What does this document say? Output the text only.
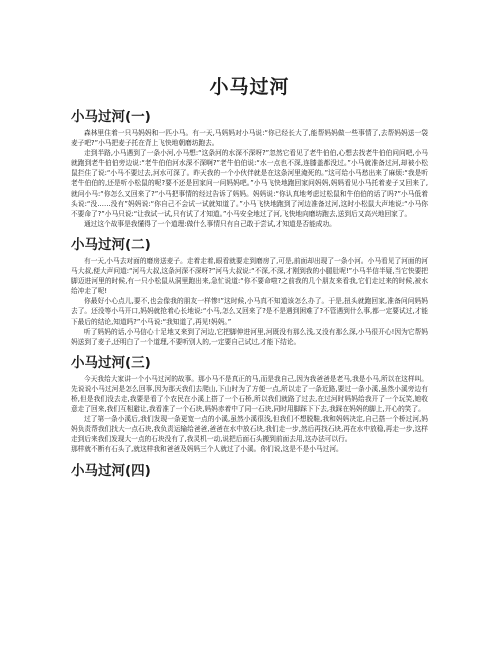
小马过河
小马过河(一)

森林里住着一只马妈妈和一匹小马。有一天,马妈妈对小马说:“你已经长大了,能帮妈妈做一些事情了,去帮妈妈送一袋麦子吧?”小马把麦子托在背上飞快地朝磨坊跑去。

走到半路,小马遇到了一条小河,小马想:“这条河的水深不深呀?”忽然它看见了老牛伯伯,心想去找老牛伯伯问问吧,小马就跑到老牛伯伯旁边说:“老牛伯伯河水深不深啊?”老牛伯伯说:“水一点也不深,连膝盖都没过。”小马就准备过河,却被小松鼠拦住了说:“小马不要过去,河水可深了。昨天我的一个小伙伴就是在这条河里淹死的。”这可给小马愁出来了麻烦:“我是听老牛伯伯的,还是听小松鼠的呢?要不还是回家问一问妈妈吧。”小马飞快地跑回家问妈妈,妈妈看见小马托着麦子又回来了,就问小马:“你怎么又回来了?”小马把事情的经过告诉了妈妈。妈妈说:“你认真地考虑过松鼠和牛伯伯的话了吗?”小马低着头说:“没……没有”妈妈说:“你自己不会试一试就知道了。”小马飞快地跑到了河边准备过河,这时小松鼠大声地说:“小马你不要命了?”小马只说:“让我试一试,只有试了才知道。”小马安全地过了河,飞快地向磨坊跑去,送到后又高兴地回家了。

通过这个故事是我懂得了一个道理:做什么事情只有自己敢于尝试,才知道是否能成功。

小马过河(二)

有一天,小马去对面的磨房送麦子。走着走着,眼看就要走到磨房了,可是,前面却出现了一条小河。小马看见了河面的河马大叔,便大声问道:“河马大叔,这条河深不深呀?”河马大叔说:“不深,不深,才刚到我的小腿肚呢!”小马半信半疑,当它快要把脚迈进河里的时候,有一只小松鼠从洞里跑出来,急忙说道:“你不要命啦?之前我的几个朋友来看我,它们走过来的时候,被水给冲走了呢!

你最好小心点儿,要不,也会像我的朋友一样惨!”这时候,小马真不知道该怎么办了。于是,扭头就跑回家,准备问问妈妈去了。还没等小马开口,妈妈就抢着心长地说:“小马,怎么又回来了?是不是遇到困难了?不管遇到什么事,都一定要试过,才能下最后的结论,知道吗?”小马说:“我知道了,再见!妈妈。”

听了妈妈的话,小马信心十足地又来到了河边,它把脚伸进河里,河既没有那么浅,又没有那么深,小马很开心!因为它帮妈妈送到了麦子,还明白了一个道理,不要听别人的,一定要自己试过,才能下结论。

小马过河(三)

今天我给大家讲一个小马过河的故事。那小马不是真正的马,而是我自己,因为我爸爸是老马,我是小马,所以在这样叫。先说说小马过河是怎么回事,因为那天我们去爬山,下山时为了方便一点,所以走了一条近路,要过一条小溪,虽然小溪旁边有桥,但是我们没去走,我要是看了个农民在小溪上搭了一个石桥,所以我们就路了过去,在过河时妈妈给我开了一个玩笑,她收意走了回来,我们互相避让,我看准了一个石块,妈妈赤着中了同一石块,同时用脚踩下下去,我踩在妈妈的脚上,开心的笑了。

过了第一条小溪后,我们发现一条更宽一点的小溪,虽然小溪很浅,但我们不想脱鞋,我和妈妈决定,自己搭一个桥过河,妈妈负责帮我们找大一点石块,我负责运输给爸爸,爸爸在水中放石块,我们走一步,然后再找石块,再在水中放稳,再走一步,这样走到后来我们发现大一点的石块没有了,我灵机一动,说把后面石头搬到前面去用,这办法可以行。

那样就不断有石头了,就这样我和爸爸及妈妈三个人就过了小溪。你们说,这是不是小马过河。

小马过河(四)
